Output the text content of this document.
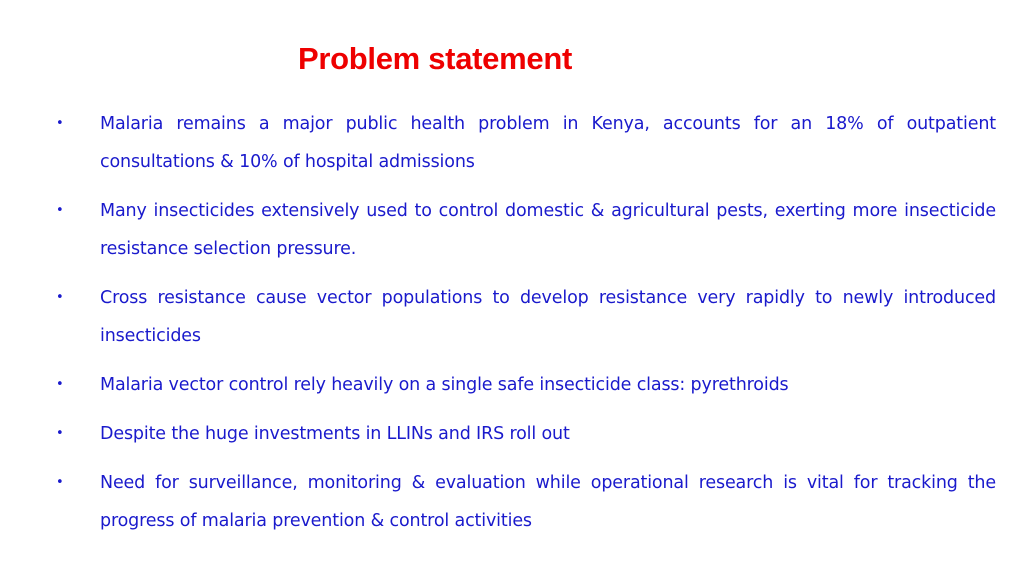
Problem statement
• Malaria remains a major public health problem in Kenya, accounts for an 18% of outpatient consultations & 10% of hospital admissions
• Many insecticides extensively used to control domestic & agricultural pests, exerting more insecticide resistance selection pressure.
• Cross resistance cause vector populations to develop resistance very rapidly to newly introduced insecticides
• Malaria vector control rely heavily on a single safe insecticide class: pyrethroids
• Despite the huge investments in LLINs and IRS roll out
• Need for surveillance, monitoring & evaluation while operational research is vital for tracking the progress of malaria prevention & control activities
